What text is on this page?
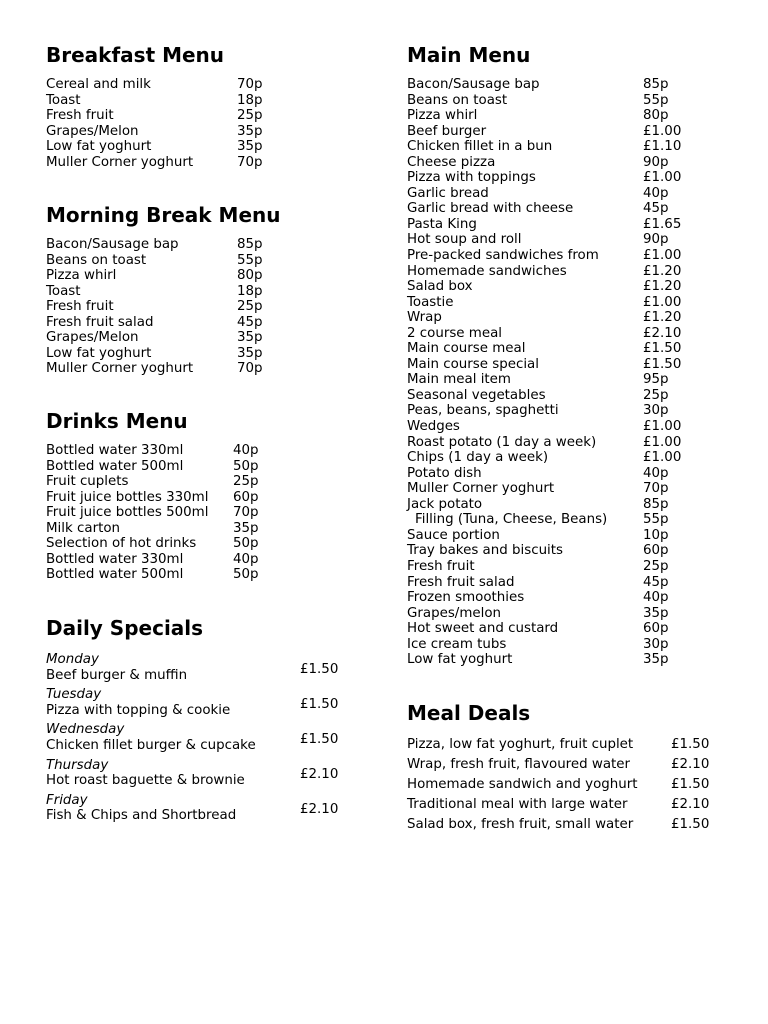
Breakfast Menu
Cereal and milk	70p
Toast	18p
Fresh fruit	25p
Grapes/Melon	35p
Low fat yoghurt	35p
Muller Corner yoghurt	70p
Morning Break Menu
Bacon/Sausage bap	85p
Beans on toast	55p
Pizza whirl	80p
Toast	18p
Fresh fruit	25p
Fresh fruit salad	45p
Grapes/Melon	35p
Low fat yoghurt	35p
Muller Corner yoghurt	70p
Drinks Menu
Bottled water 330ml	40p
Bottled water 500ml	50p
Fruit cuplets	25p
Fruit juice bottles 330ml 60p
Fruit juice bottles 500ml 70p
Milk carton	35p
Selection of hot drinks	50p
Bottled water 330ml	40p
Bottled water 500ml	50p
Daily Specials
Monday
Beef burger & muffin	£1.50
Tuesday
Pizza with topping & cookie	£1.50
Wednesday
Chicken fillet burger & cupcake	£1.50
Thursday
Hot roast baguette & brownie	£2.10
Friday
Fish & Chips and Shortbread	£2.10
Main Menu
Bacon/Sausage bap	85p
Beans on toast	55p
Pizza whirl	80p
Beef burger	£1.00
Chicken fillet in a bun	£1.10
Cheese pizza	90p
Pizza with toppings	£1.00
Garlic bread	40p
Garlic bread with cheese	45p
Pasta King	£1.65
Hot soup and roll	90p
Pre-packed sandwiches from	£1.00
Homemade sandwiches	£1.20
Salad box	£1.20
Toastie	£1.00
Wrap	£1.20
2 course meal	£2.10
Main course meal	£1.50
Main course special	£1.50
Main meal item	95p
Seasonal vegetables	25p
Peas, beans, spaghetti	30p
Wedges	£1.00
Roast potato (1 day a week)	£1.00
Chips (1 day a week)	£1.00
Potato dish	40p
Muller Corner yoghurt	70p
Jack potato	85p
Filling (Tuna, Cheese, Beans)	55p
Sauce portion	10p
Tray bakes and biscuits	60p
Fresh fruit	25p
Fresh fruit salad	45p
Frozen smoothies	40p
Grapes/melon	35p
Hot sweet and custard	60p
Ice cream tubs	30p
Low fat yoghurt	35p
Meal Deals
Pizza, low fat yoghurt, fruit cuplet	£1.50
Wrap, fresh fruit, flavoured water	£2.10
Homemade sandwich and yoghurt £1.50
Traditional meal with large water	£2.10
Salad box, fresh fruit, small water	£1.50
